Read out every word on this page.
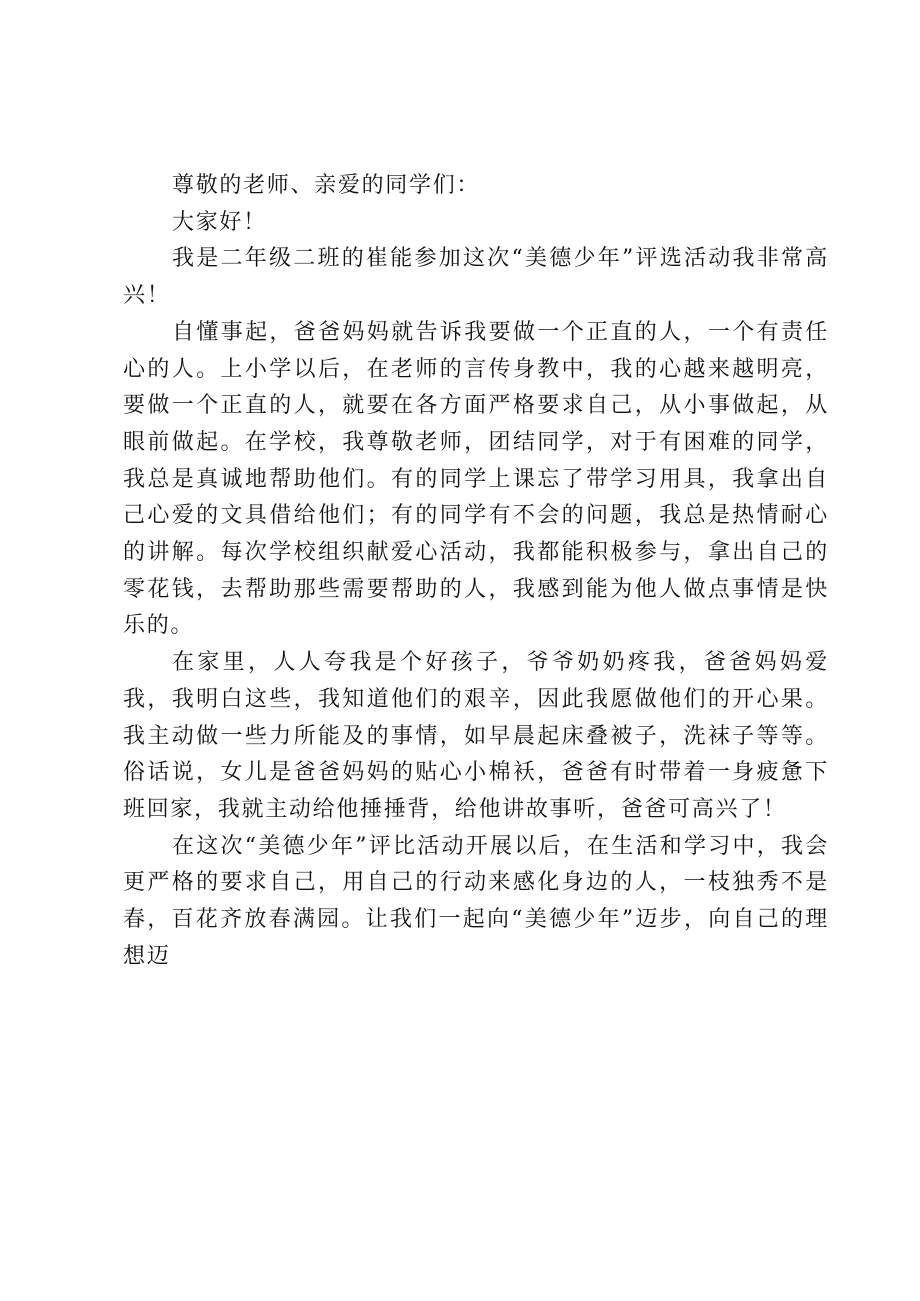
尊敬的老师、亲爱的同学们：

大家好！

我是二年级二班的崔能参加这次“美德少年”评选活动我非常高兴！

自懂事起，爸爸妈妈就告诉我要做一个正直的人，一个有责任心的人。上小学以后，在老师的言传身教中，我的心越来越明亮，要做一个正直的人，就要在各方面严格要求自己，从小事做起，从眼前做起。在学校，我尊敬老师，团结同学，对于有困难的同学，我总是真诚地帮助他们。有的同学上课忘了带学习用具，我拿出自己心爱的文具借给他们；有的同学有不会的问题，我总是热情耐心的讲解。每次学校组织献爱心活动，我都能积极参与，拿出自己的零花钱，去帮助那些需要帮助的人，我感到能为他人做点事情是快乐的。

在家里，人人夸我是个好孩子，爷爷奶奶疼我，爸爸妈妈爱我，我明白这些，我知道他们的艰辛，因此我愿做他们的开心果。我主动做一些力所能及的事情，如早晨起床叠被子，洗袜子等等。俗话说，女儿是爸爸妈妈的贴心小棉袄，爸爸有时带着一身疲惫下班回家，我就主动给他捶捶背，给他讲故事听，爸爸可高兴了！

在这次“美德少年”评比活动开展以后，在生活和学习中，我会更严格的要求自己，用自己的行动来感化身边的人，一枝独秀不是春，百花齐放春满园。让我们一起向“美德少年”迈步，向自己的理想迈
